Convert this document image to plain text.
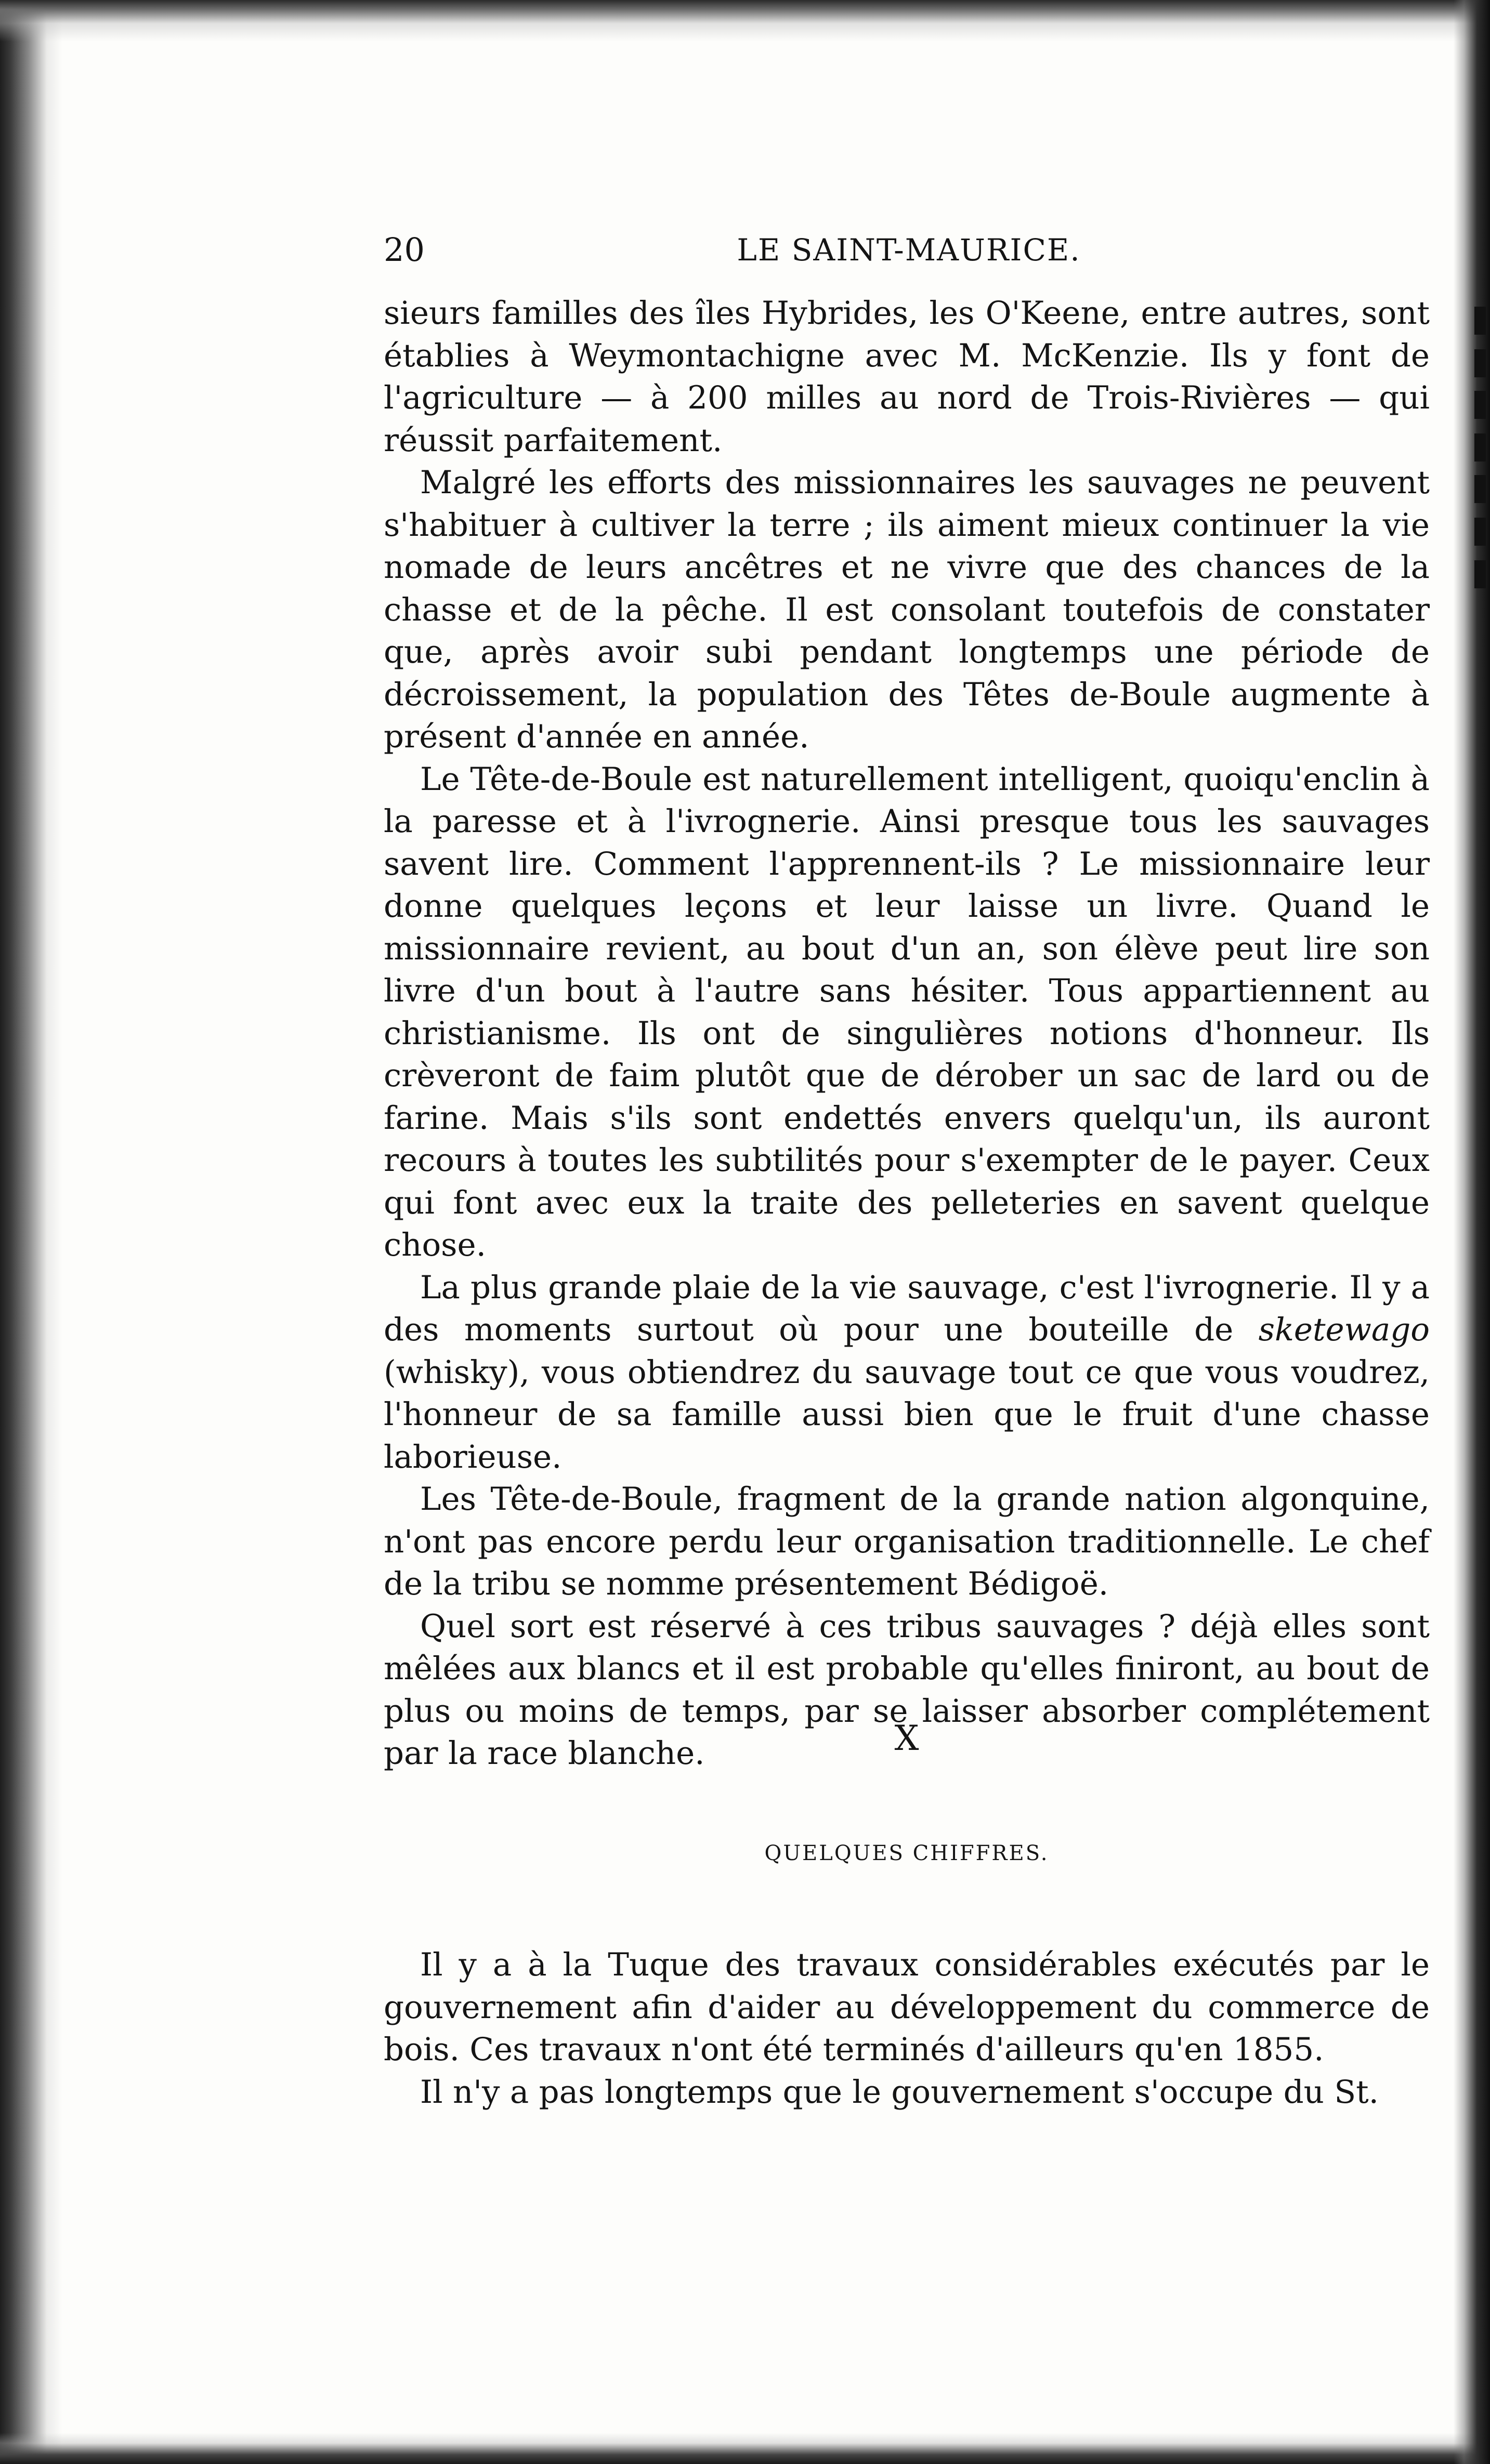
20	LE SAINT-MAURICE.

sieurs familles des îles Hybrides, les O'Keene, entre autres, sont établies à Weymontachigne avec M. McKenzie. Ils y font de l'agriculture — à 200 milles au nord de Trois-Rivières — qui réussit parfaitement.

Malgré les efforts des missionnaires les sauvages ne peuvent s'habituer à cultiver la terre ; ils aiment mieux continuer la vie nomade de leurs ancêtres et ne vivre que des chances de la chasse et de la pêche. Il est consolant toutefois de constater que, après avoir subi pendant longtemps une période de décroissement, la population des Têtes de-Boule augmente à présent d'année en année.

Le Tête-de-Boule est naturellement intelligent, quoiqu'enclin à la paresse et à l'ivrognerie. Ainsi presque tous les sauvages savent lire. Comment l'apprennent-ils ? Le missionnaire leur donne quelques leçons et leur laisse un livre. Quand le missionnaire revient, au bout d'un an, son élève peut lire son livre d'un bout à l'autre sans hésiter. Tous appartiennent au christianisme. Ils ont de singulières notions d'honneur. Ils crèveront de faim plutôt que de dérober un sac de lard ou de farine. Mais s'ils sont endettés envers quelqu'un, ils auront recours à toutes les subtilités pour s'exempter de le payer. Ceux qui font avec eux la traite des pelleteries en savent quelque chose.

La plus grande plaie de la vie sauvage, c'est l'ivrognerie. Il y a des moments surtout où pour une bouteille de sketewago (whisky), vous obtiendrez du sauvage tout ce que vous voudrez, l'honneur de sa famille aussi bien que le fruit d'une chasse laborieuse.

Les Tête-de-Boule, fragment de la grande nation algonquine, n'ont pas encore perdu leur organisation traditionnelle. Le chef de la tribu se nomme présentement Bédigoë.

Quel sort est réservé à ces tribus sauvages ? déjà elles sont mêlées aux blancs et il est probable qu'elles finiront, au bout de plus ou moins de temps, par se laisser absorber complétement par la race blanche.	X
QUELQUES CHIFFRES.

Il y a à la Tuque des travaux considérables exécutés par le gouvernement afin d'aider au développement du commerce de bois. Ces travaux n'ont été terminés d'ailleurs qu'en 1855.

Il n'y a pas longtemps que le gouvernement s'occupe du St.
